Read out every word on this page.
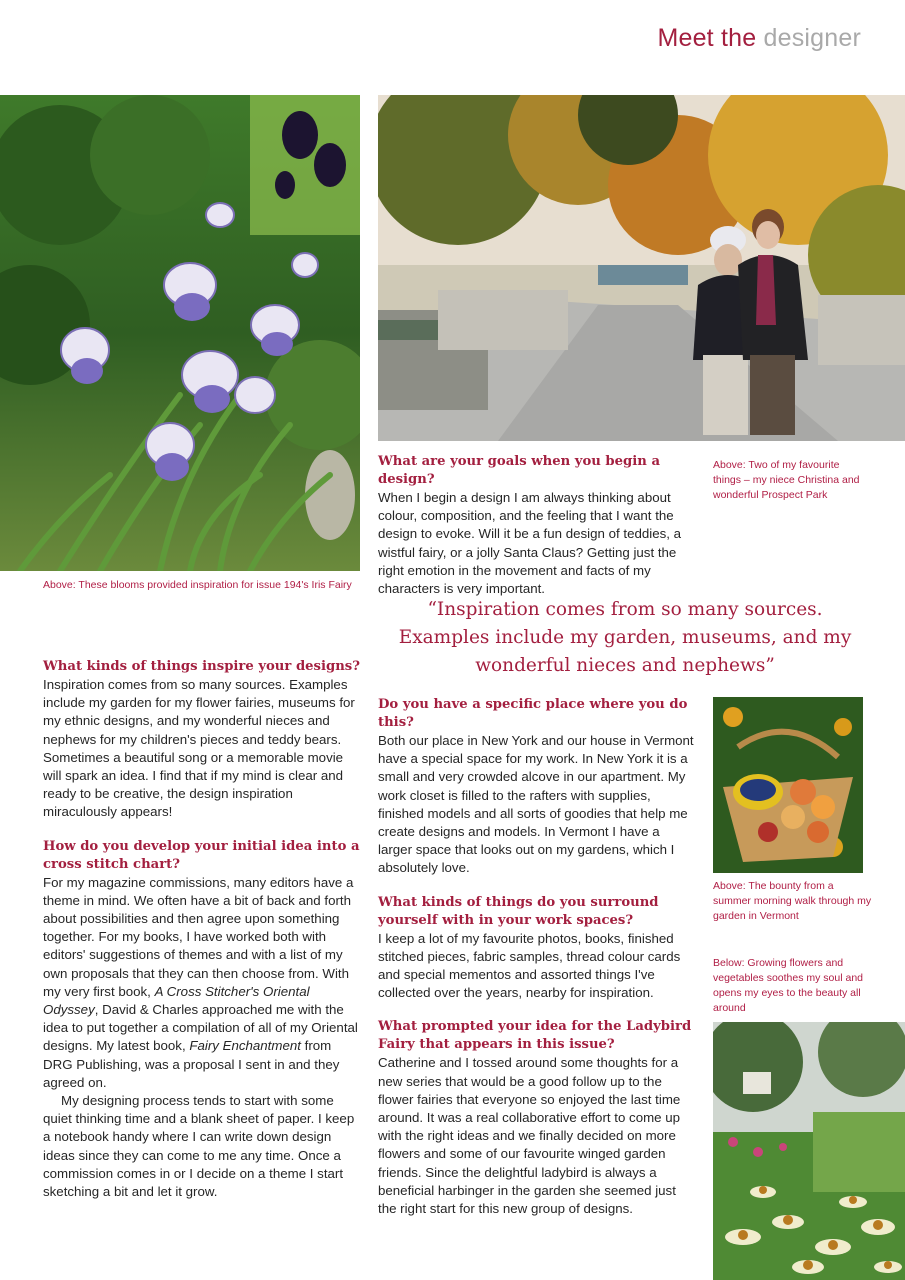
Meet the designer
Above: These blooms provided inspiration for issue 194's Iris Fairy
Above: Two of my favourite things – my niece Christina and wonderful Prospect Park
Above: The bounty from a summer morning walk through my garden in Vermont
Below: Growing flowers and vegetables soothes my soul and opens my eyes to the beauty all around

What are your goals when you begin a design?

When I begin a design I am always thinking about colour, composition, and the feeling that I want the design to evoke. Will it be a fun design of teddies, a wistful fairy, or a jolly Santa Claus? Getting just the right emotion in the movement and facts of my characters is very important.

“Inspiration comes from so many sources. Examples include my garden, museums, and my wonderful nieces and nephews”

What kinds of things inspire your designs?

Inspiration comes from so many sources. Examples include my garden for my flower fairies, museums for my ethnic designs, and my wonderful nieces and nephews for my children's pieces and teddy bears. Sometimes a beautiful song or a memorable movie will spark an idea. I find that if my mind is clear and ready to be creative, the design inspiration miraculously appears!

How do you develop your initial idea into a cross stitch chart?

For my magazine commissions, many editors have a theme in mind. We often have a bit of back and forth about possibilities and then agree upon something together. For my books, I have worked both with editors' suggestions of themes and with a list of my own proposals that they can then choose from. With my very first book, A Cross Stitcher's Oriental Odyssey, David & Charles approached me with the idea to put together a compilation of all of my Oriental designs. My latest book, Fairy Enchantment from DRG Publishing, was a proposal I sent in and they agreed on.

My designing process tends to start with some quiet thinking time and a blank sheet of paper. I keep a notebook handy where I can write down design ideas since they can come to me any time. Once a commission comes in or I decide on a theme I start sketching a bit and let it grow.

Do you have a specific place where you do this?

Both our place in New York and our house in Vermont have a special space for my work. In New York it is a small and very crowded alcove in our apartment. My work closet is filled to the rafters with supplies, finished models and all sorts of goodies that help me create designs and models. In Vermont I have a larger space that looks out on my gardens, which I absolutely love.

What kinds of things do you surround yourself with in your work spaces?

I keep a lot of my favourite photos, books, finished stitched pieces, fabric samples, thread colour cards and special mementos and assorted things I've collected over the years, nearby for inspiration.

What prompted your idea for the Ladybird Fairy that appears in this issue?

Catherine and I tossed around some thoughts for a new series that would be a good follow up to the flower fairies that everyone so enjoyed the last time around. It was a real collaborative effort to come up with the right ideas and we finally decided on more flowers and some of our favourite winged garden friends. Since the delightful ladybird is always a beneficial harbinger in the garden she seemed just the right start for this new group of designs.
